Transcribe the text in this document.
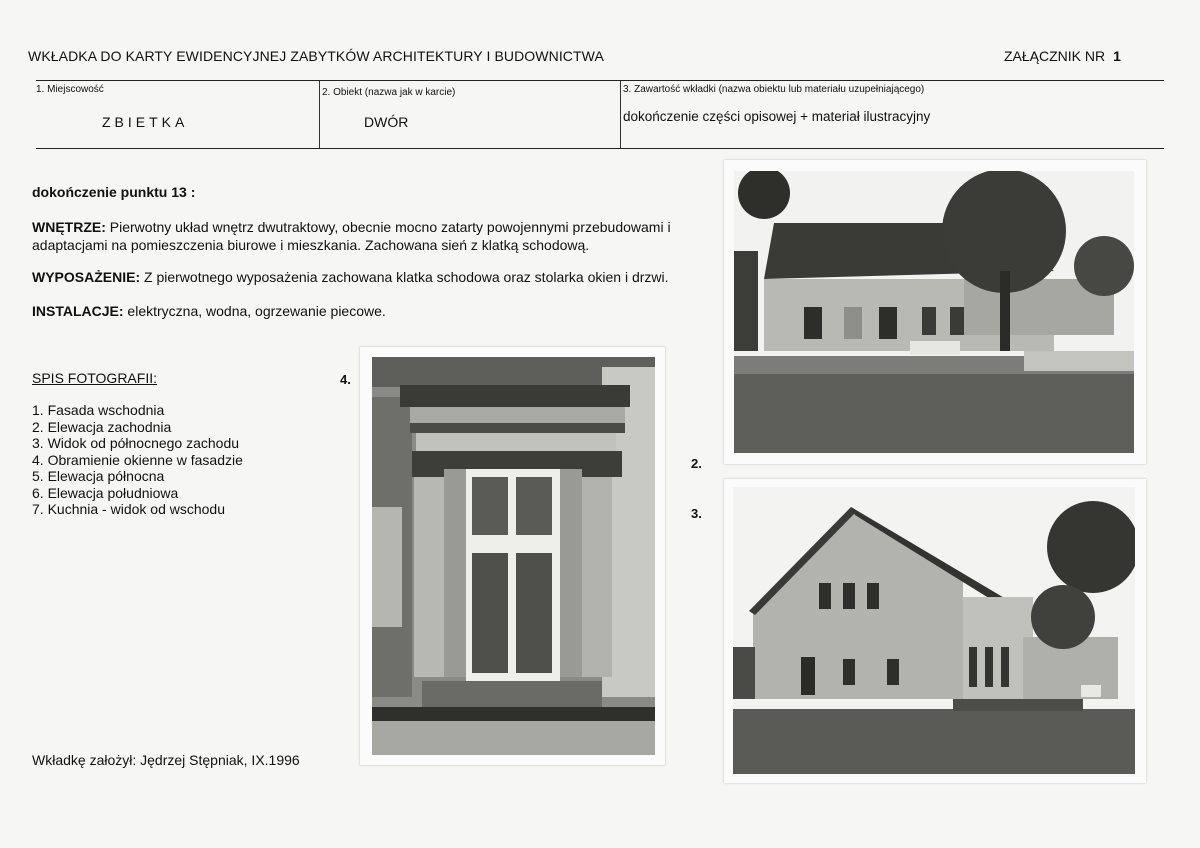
WKŁADKA DO KARTY EWIDENCYJNEJ ZABYTKÓW ARCHITEKTURY I BUDOWNICTWA	ZAŁĄCZNIK NR 1
1. Miejscowość
ZBIETKA
2. Obiekt (nazwa jak w karcie)
DWÓR
3. Zawartość wkładki (nazwa obiektu lub materiału uzupełniającego)
dokończenie części opisowej + materiał ilustracyjny
dokończenie punktu 13 :
WNĘTRZE: Pierwotny układ wnętrz dwutraktowy, obecnie mocno zatarty powojennymi przebudowami i adaptacjami na pomieszczenia biurowe i mieszkania. Zachowana sień z klatką schodową.
WYPOSAŻENIE: Z pierwotnego wyposażenia zachowana klatka schodowa oraz stolarka okien i drzwi.
INSTALACJE: elektryczna, wodna, ogrzewanie piecowe.
SPIS FOTOGRAFII:
1. Fasada wschodnia
2. Elewacja zachodnia
3. Widok od północnego zachodu
4. Obramienie okienne w fasadzie
5. Elewacja północna
6. Elewacja południowa
7. Kuchnia - widok od wschodu
Wkładkę założył: Jędrzej Stępniak, IX.1996
4.
2.
3.
